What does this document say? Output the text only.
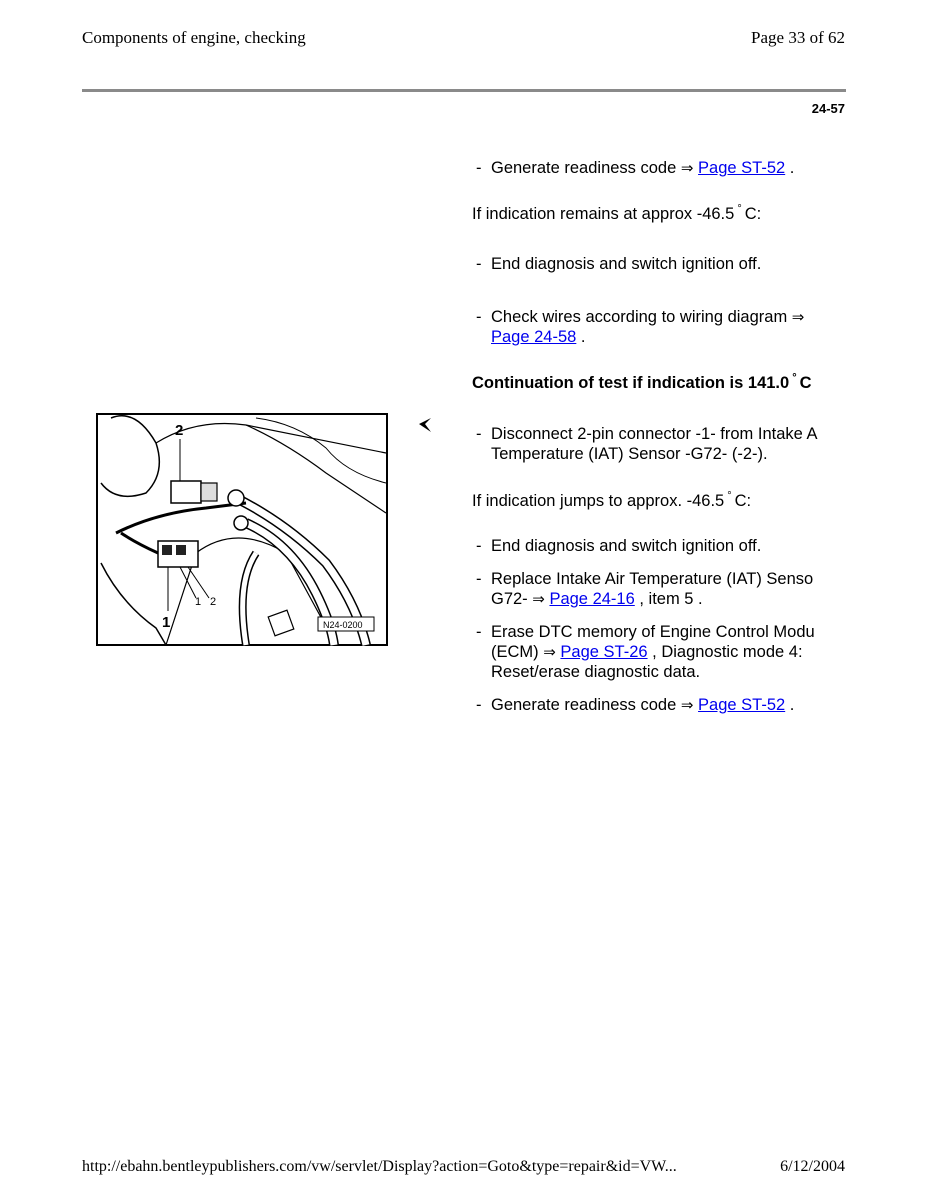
Components of engine, checking	Page 33 of 62
24-57
- Generate readiness code ⇒ Page ST-52 .
If indication remains at approx -46.5 ° C:
- End diagnosis and switch ignition off.
- Check wires according to wiring diagram ⇒
Page 24-58 .
Continuation of test if indication is 141.0 ° C
2
1
1 2
N24-0200
- Disconnect 2-pin connector -1- from Intake A
Temperature (IAT) Sensor -G72- (-2-).
If indication jumps to approx. -46.5 ° C:
- End diagnosis and switch ignition off.
- Replace Intake Air Temperature (IAT) Senso
G72- ⇒ Page 24-16 , item 5 .
- Erase DTC memory of Engine Control Modu
(ECM) ⇒ Page ST-26 , Diagnostic mode 4:
Reset/erase diagnostic data.
- Generate readiness code ⇒ Page ST-52 .
http://ebahn.bentleypublishers.com/vw/servlet/Display?action=Goto&type=repair&id=VW...	6/12/2004
